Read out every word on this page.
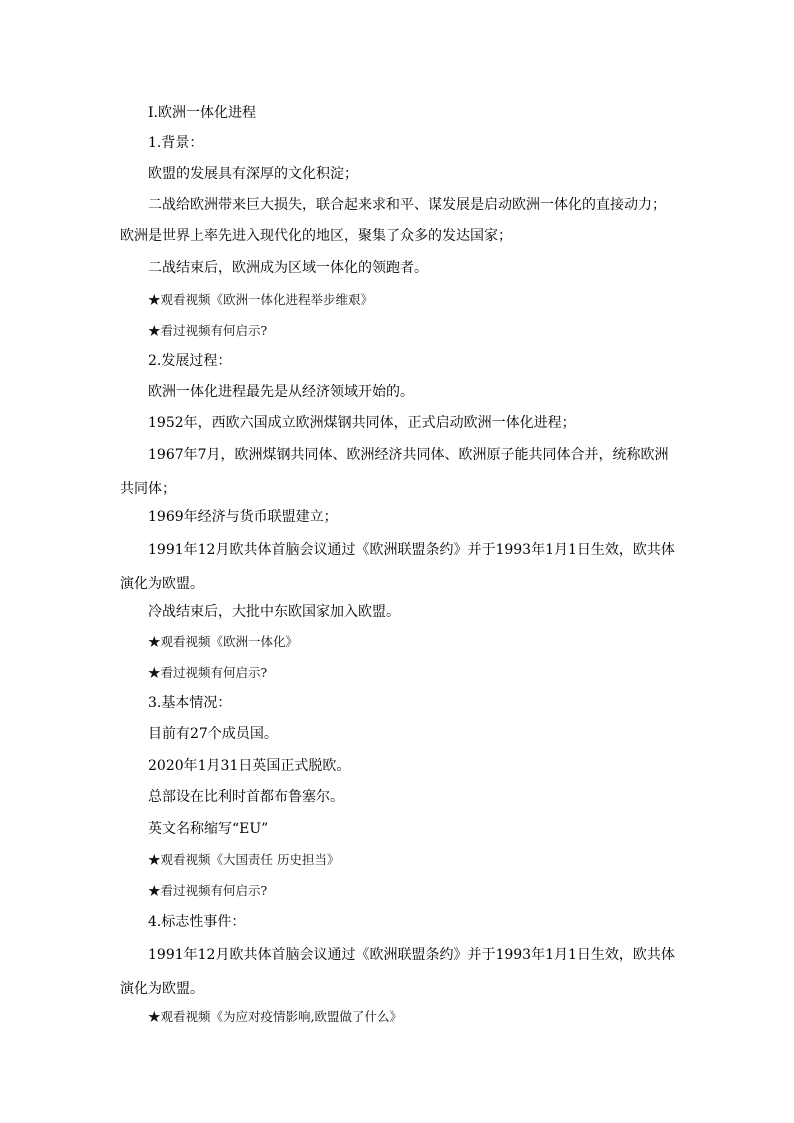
Ⅰ.欧洲一体化进程

1.背景：

欧盟的发展具有深厚的文化积淀；

二战给欧洲带来巨大损失，联合起来求和平、谋发展是启动欧洲一体化的直接动力；

欧洲是世界上率先进入现代化的地区，聚集了众多的发达国家；

二战结束后，欧洲成为区域一体化的领跑者。

★观看视频《欧洲一体化进程举步维艰》

★看过视频有何启示?

2.发展过程：

欧洲一体化进程最先是从经济领域开始的。

1952年，西欧六国成立欧洲煤钢共同体，正式启动欧洲一体化进程；

1967年7月，欧洲煤钢共同体、欧洲经济共同体、欧洲原子能共同体合并，统称欧洲共同体；

1969年经济与货币联盟建立；

1991年12月欧共体首脑会议通过《欧洲联盟条约》并于1993年1月1日生效，欧共体演化为欧盟。

冷战结束后，大批中东欧国家加入欧盟。

★观看视频《欧洲一体化》

★看过视频有何启示?

3.基本情况：

目前有27个成员国。

2020年1月31日英国正式脱欧。

总部设在比利时首都布鲁塞尔。

英文名称缩写“EU”

★观看视频《大国责任 历史担当》

★看过视频有何启示?

4.标志性事件：

1991年12月欧共体首脑会议通过《欧洲联盟条约》并于1993年1月1日生效，欧共体演化为欧盟。

★观看视频《为应对疫情影响,欧盟做了什么》
